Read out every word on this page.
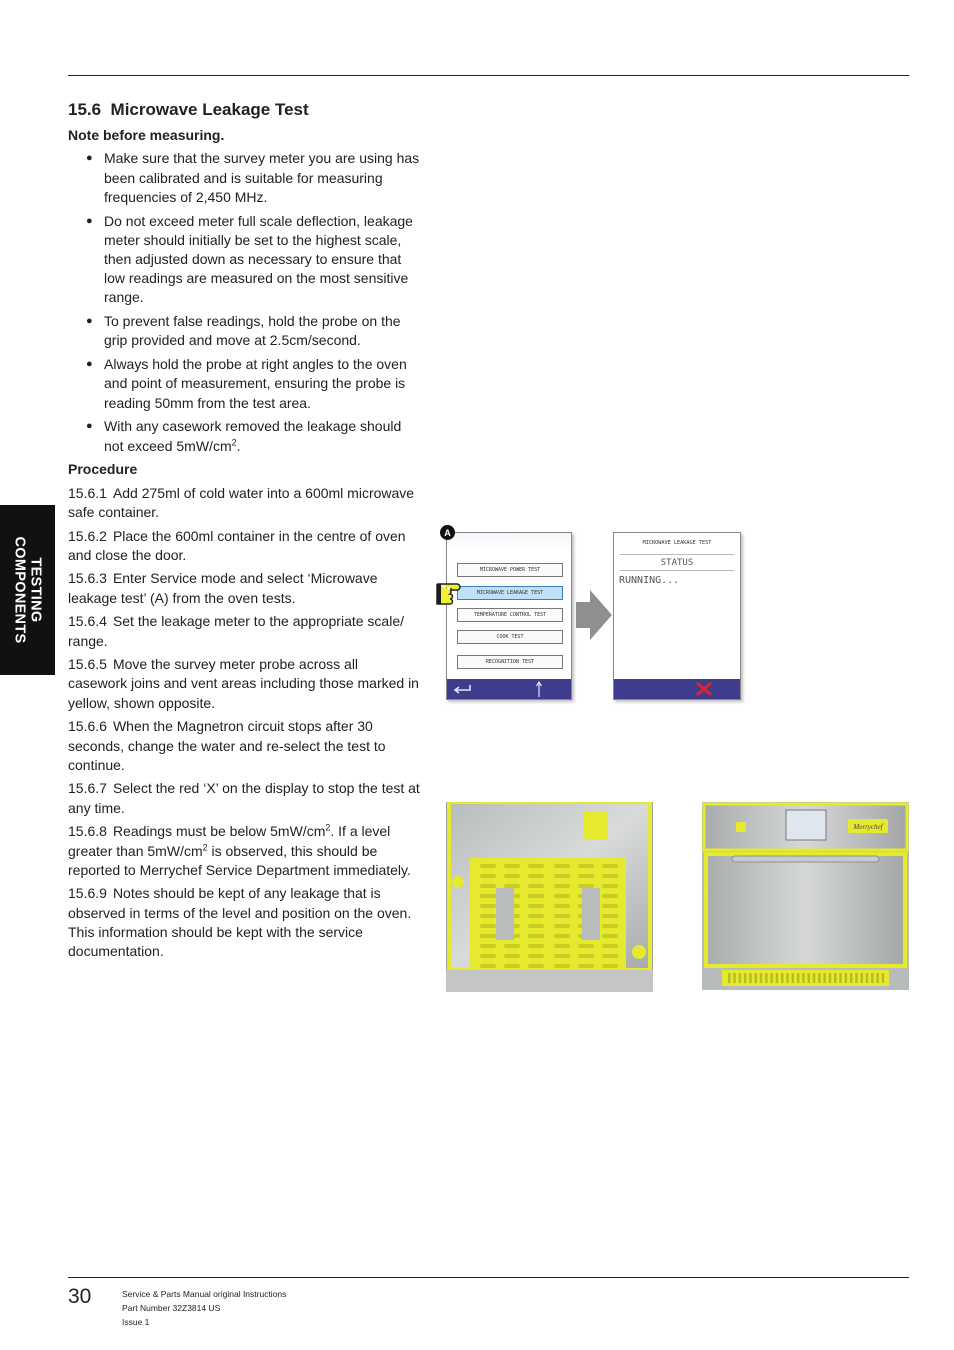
TESTING
COMPONENTS
15.6 Microwave Leakage Test
Note before measuring.
● Make sure that the survey meter you are using has been calibrated and is suitable for measuring frequencies of 2,450 MHz.
● Do not exceed meter full scale deflection, leakage meter should initially be set to the highest scale, then adjusted down as necessary to ensure that low readings are measured on the most sensitive range.
● To prevent false readings, hold the probe on the grip provided and move at 2.5cm/second.
● Always hold the probe at right angles to the oven and point of measurement, ensuring the probe is reading 50mm from the test area.
● With any casework removed the leakage should not exceed $5mW/cm^2$.
Procedure

15.6.1 Add 275ml of cold water into a 600ml microwave safe container.

15.6.2 Place the 600ml container in the centre of oven and close the door.

15.6.3 Enter Service mode and select ‘Microwave leakage test’ (A) from the oven tests.

15.6.4 Set the leakage meter to the appropriate scale/ range.

15.6.5 Move the survey meter probe across all casework joins and vent areas including those marked in yellow, shown opposite.

15.6.6 When the Magnetron circuit stops after 30 seconds, change the water and re-select the test to continue.

15.6.7 Select the red ‘X’ on the display to stop the test at any time.

15.6.8 Readings must be below $5mW/cm^2$. If a level greater than $5mW/cm^2$ is observed, this should be reported to Merrychef Service Department immediately.

15.6.9 Notes should be kept of any leakage that is observed in terms of the level and position on the oven. This information should be kept with the service documentation.

MICROWAVE POWER TEST
MICROWAVE LEAKAGE TEST
TEMPERATURE CONTROL TEST
COOK TEST
RECOGNITION TEST
A
MICROWAVE LEAKAGE TEST
STATUS
RUNNING...
Merrychef
30	Service & Parts Manual original Instructions
Part Number 32Z3814 US
Issue 1
